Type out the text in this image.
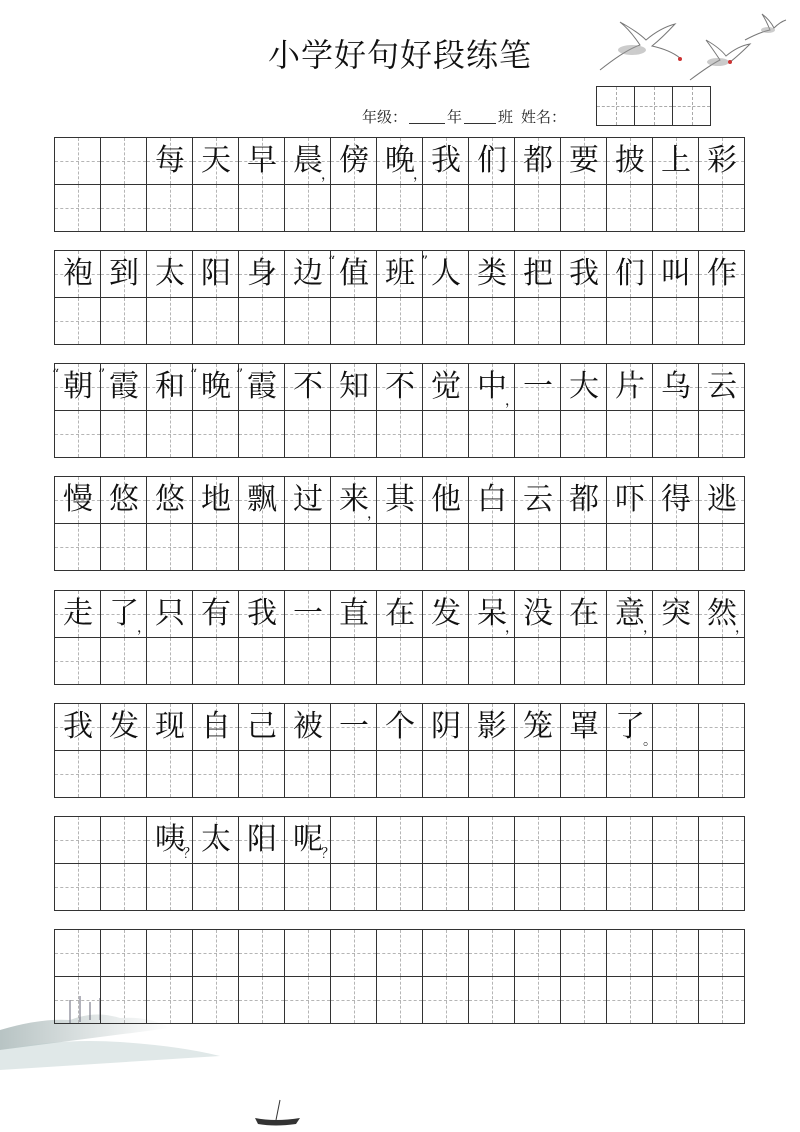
小学好句好段练笔
年级：	年 班 姓名：
每 天 早 晨
， 傍 晚
， 我 们 都 要 披 上 彩
袍 到 太 阳 身 边 值
“ 班 ” 人 类 把 我 们 叫 作
朝
“ 霞
” 和 晚
“ 霞
” 不 知 不 觉 中
， 一 大 片 乌 云
慢 悠 悠 地 飘 过 来
， 其 他 白 云 都 吓 得 逃
走 了
， 只 有 我 一 直 在 发 呆
， 没 在 意
， 突 然
，
我 发 现 自 己 被 一 个 阴 影 笼 罩 了
。
咦
？ 太 阳 呢
？
